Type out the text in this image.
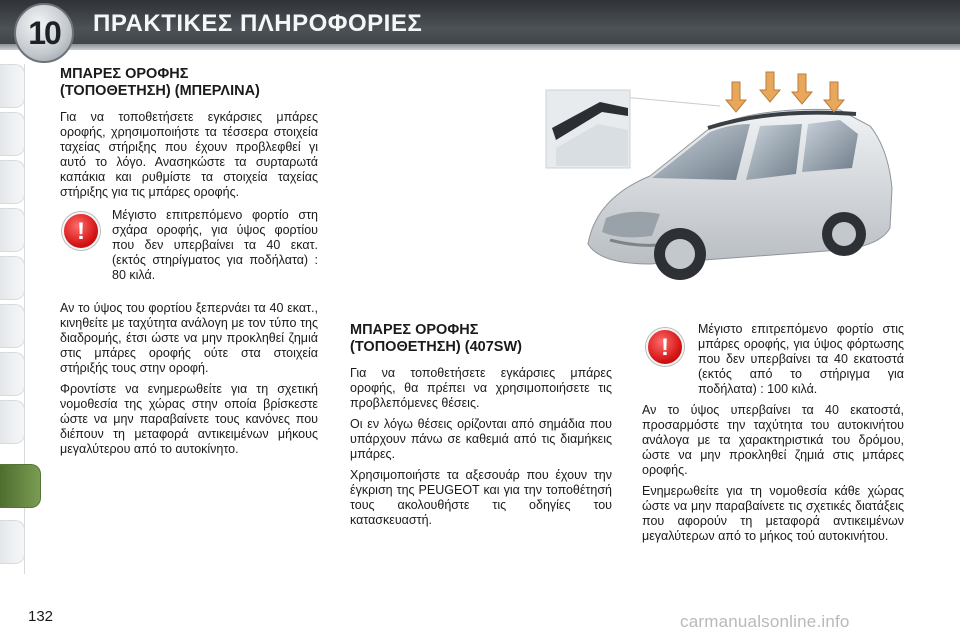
10	ΠΡΑΚΤΙΚΕΣ ΠΛΗΡΟΦΟΡΙΕΣ
ΜΠΑΡΕΣ ΟΡΟΦΗΣ
(ΤΟΠΟΘΕΤΗΣΗ) (ΜΠΕΡΛΙΝΑ)

Για να τοποθετήσετε εγκάρσιες μπάρες οροφής, χρησιμοποιήστε τα τέσσερα στοιχεία ταχείας στήριξης που έχουν προβλεφθεί γι αυτό το λόγο. Ανασηκώστε τα συρταρωτά καπάκια και ρυθμίστε τα στοιχεία ταχείας στήριξης για τις μπάρες οροφής.

!

Μέγιστο επιτρεπόμενο φορτίο στη σχάρα οροφής, για ύψος φορτίου που δεν υπερβαίνει τα 40 εκατ. (εκτός στηρίγματος για ποδήλατα) : 80 κιλά.

Αν το ύψος του φορτίου ξεπερνάει τα 40 εκατ., κινηθείτε με ταχύτητα ανάλογη με τον τύπο της διαδρομής, έτσι ώστε να μην προκληθεί ζημιά στις μπάρες οροφής ούτε στα στοιχεία στήριξής τους στην οροφή.

Φροντίστε να ενημερωθείτε για τη σχετική νομοθεσία της χώρας στην οποία βρίσκεστε ώστε να μην παραβαίνετε τους κανόνες που διέπουν τη μεταφορά αντικειμένων μήκους μεγαλύτερου από το αυτοκίνητο.

ΜΠΑΡΕΣ ΟΡΟΦΗΣ
(ΤΟΠΟΘΕΤΗΣΗ) (407SW)

Για να τοποθετήσετε εγκάρσιες μπάρες οροφής, θα πρέπει να χρησιμοποιήσετε τις προβλεπόμενες θέσεις.

Οι εν λόγω θέσεις ορίζονται από σημάδια που υπάρχουν πάνω σε καθεμιά από τις διαμήκεις μπάρες.

Χρησιμοποιήστε τα αξεσουάρ που έχουν την έγκριση της PEUGEOT και για την τοποθέτησή τους ακολουθήστε τις οδηγίες του κατασκευαστή.

!

Μέγιστο επιτρεπόμενο φορτίο στις μπάρες οροφής, για ύψος φόρτωσης που δεν υπερβαίνει τα 40 εκατοστά (εκτός από το στήριγμα για ποδήλατα) : 100 κιλά.

Αν το ύψος υπερβαίνει τα 40 εκατοστά, προσαρμόστε την ταχύτητα του αυτοκινήτου ανάλογα με τα χαρακτηριστικά του δρόμου, ώστε να μην προκληθεί ζημιά στις μπάρες οροφής.

Ενημερωθείτε για τη νομοθεσία κάθε χώρας ώστε να μην παραβαίνετε τις σχετικές διατάξεις που αφορούν τη μεταφορά αντικειμένων μεγαλύτερων από το μήκος τού αυτοκινήτου.

132	carmanualsonline.info
